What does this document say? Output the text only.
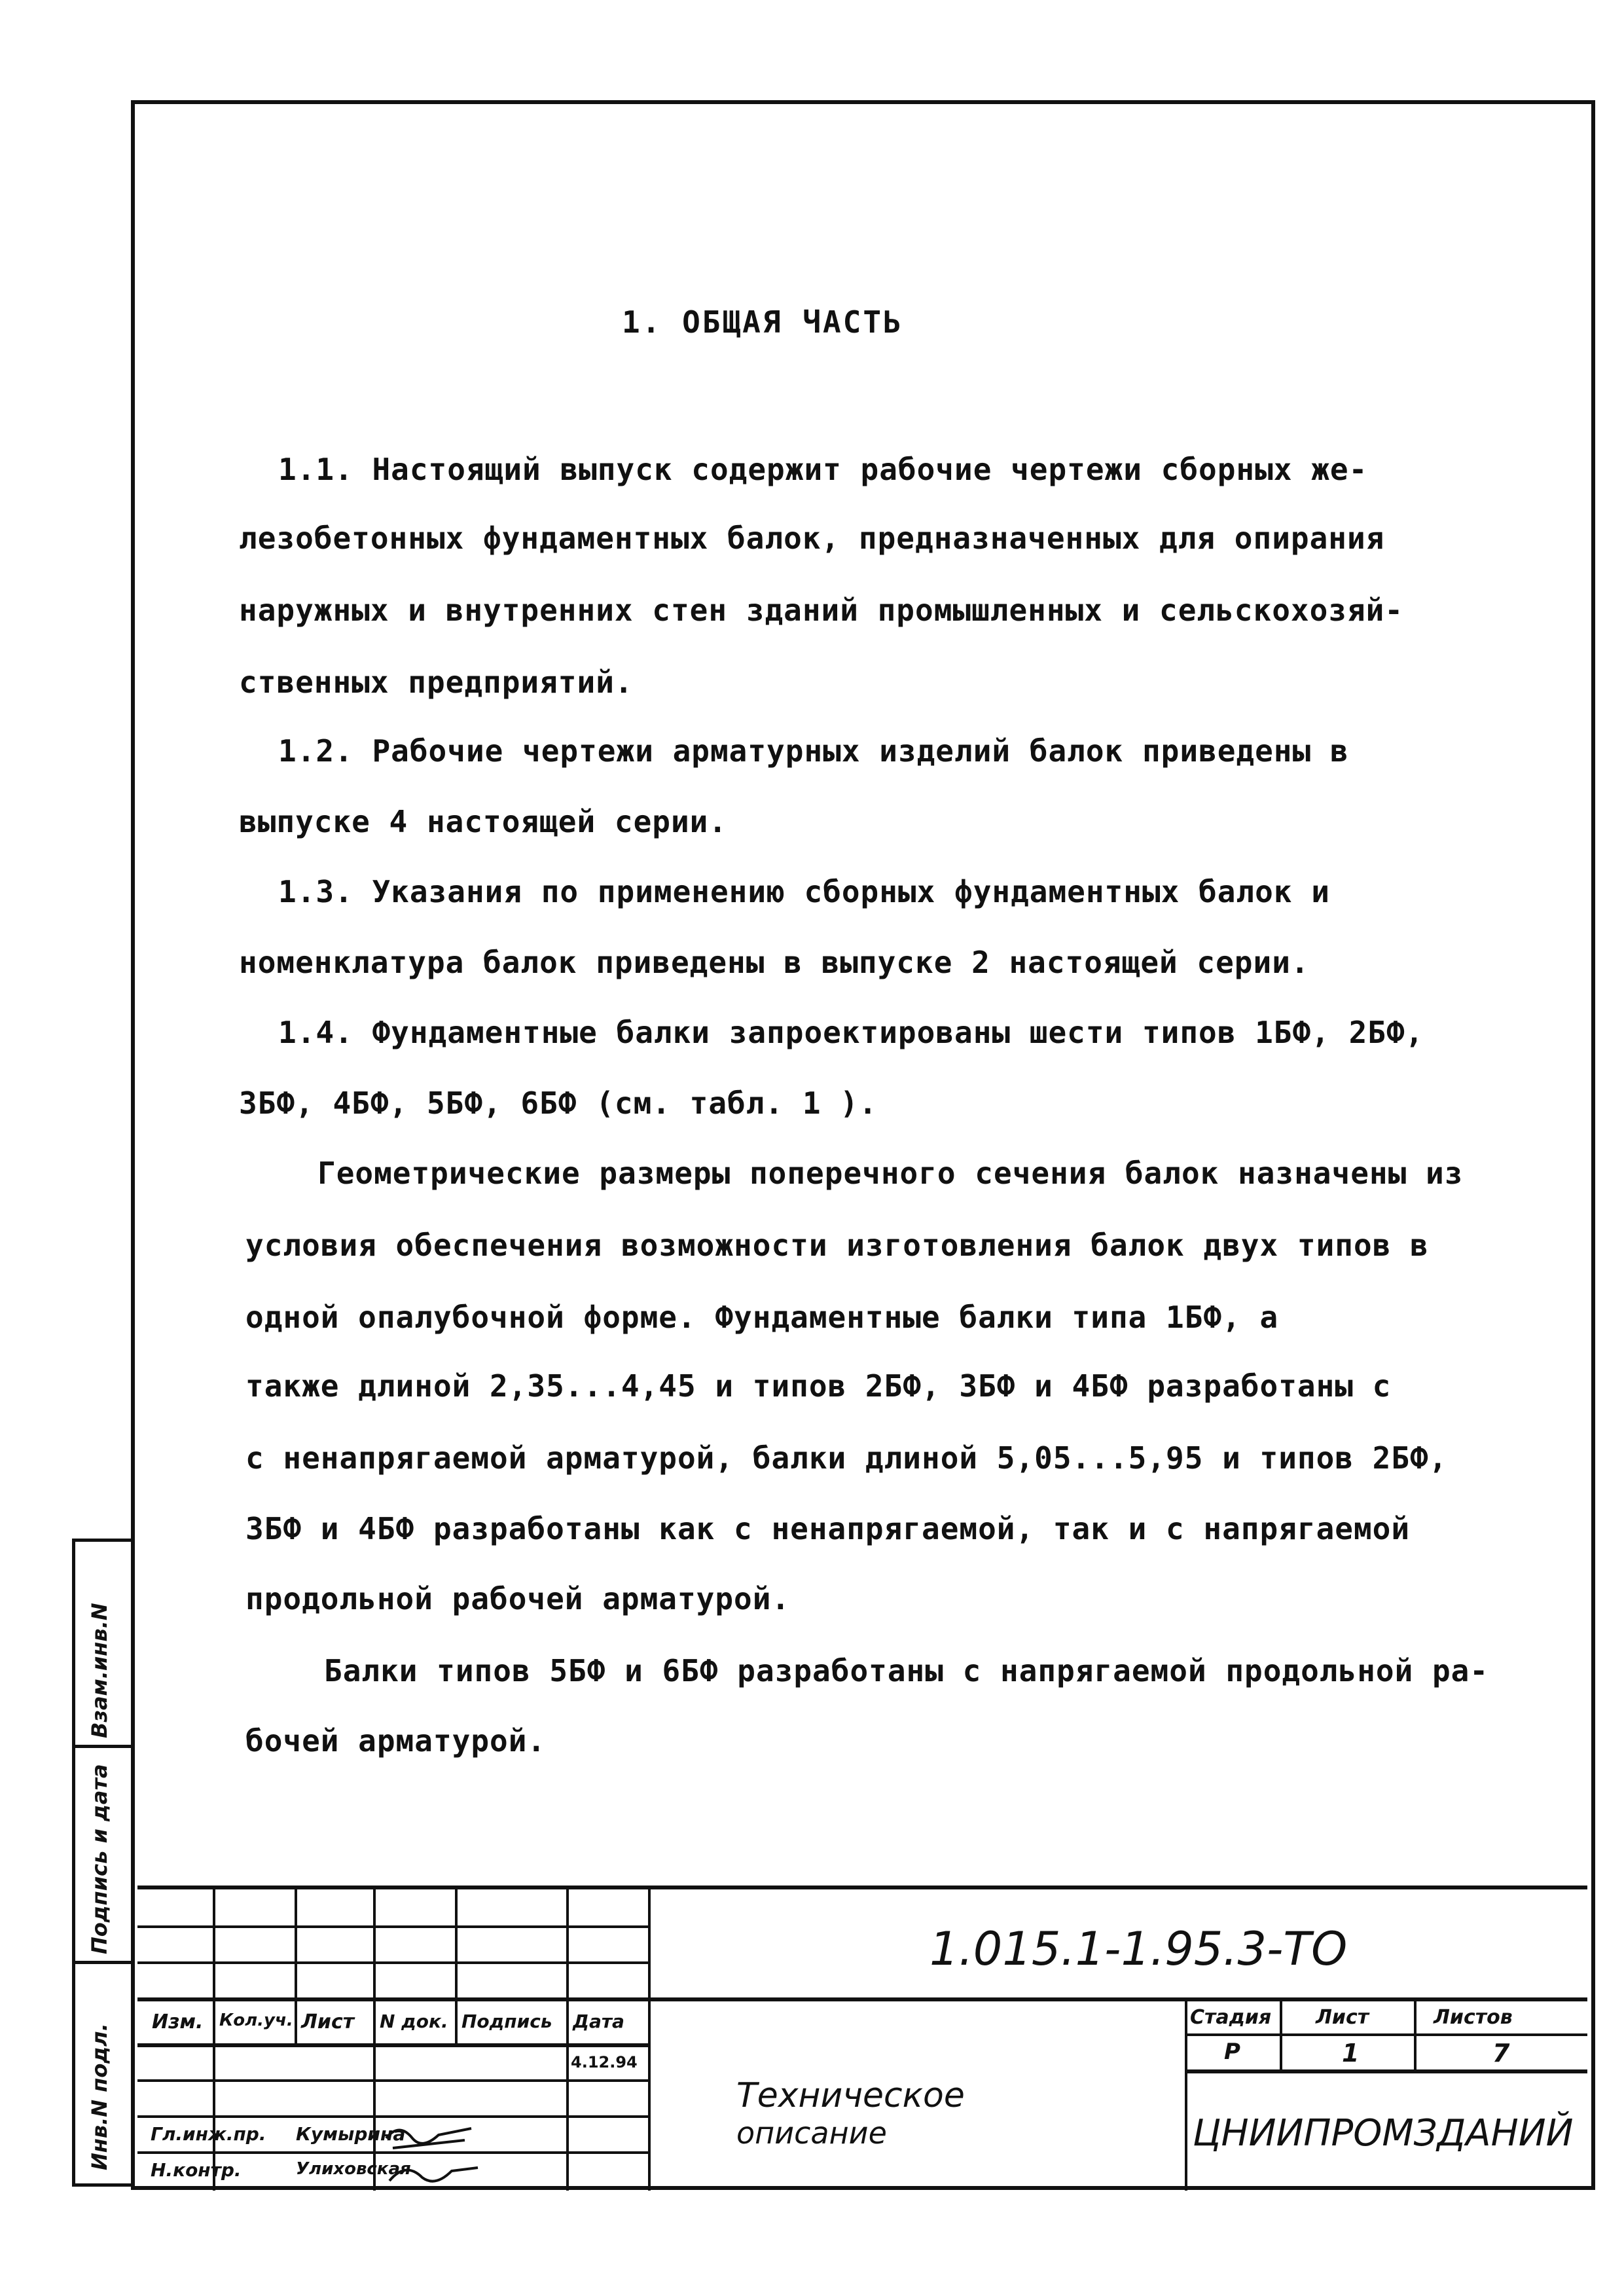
1. ОБЩАЯ ЧАСТЬ
1.1. Настоящий выпуск содержит рабочие чертежи сборных же-
лезобетонных фундаментных балок, предназначенных для опирания
наружных и внутренних стен зданий промышленных и сельскохозяй-
ственных предприятий.
1.2. Рабочие чертежи арматурных изделий балок приведены в
выпуске 4 настоящей серии.
1.3. Указания по применению сборных фундаментных балок и
номенклатура балок приведены в выпуске 2 настоящей серии.
1.4. Фундаментные балки запроектированы шести типов 1БФ, 2БФ,
3БФ, 4БФ, 5БФ, 6БФ (см. табл. 1 ).
Геометрические размеры поперечного сечения балок назначены из
условия обеспечения возможности изготовления балок двух типов в
одной опалубочной форме. Фундаментные балки типа 1БФ, а
также длиной 2,35...4,45 и типов 2БФ, 3БФ и 4БФ разработаны с
с ненапрягаемой арматурой, балки длиной 5,05...5,95 и типов 2БФ,
3БФ и 4БФ разработаны как с ненапрягаемой, так и с напрягаемой
продольной рабочей арматурой.
Балки типов 5БФ и 6БФ разработаны с напрягаемой продольной ра-
бочей арматурой.
Взам.инв.N
Подпись и дата
Инв.N подл.
Изм. Кол.уч. Лист N док. Подпись Дата
4.12.94
Гл.инж.пр. Кумырина
Н.контр.	Улиховская
1.015.1-1.95.3-ТО
Техническое
описание
Стадия Лист	Листов
Р	1	7
ЦНИИПРОМЗДАНИЙ
